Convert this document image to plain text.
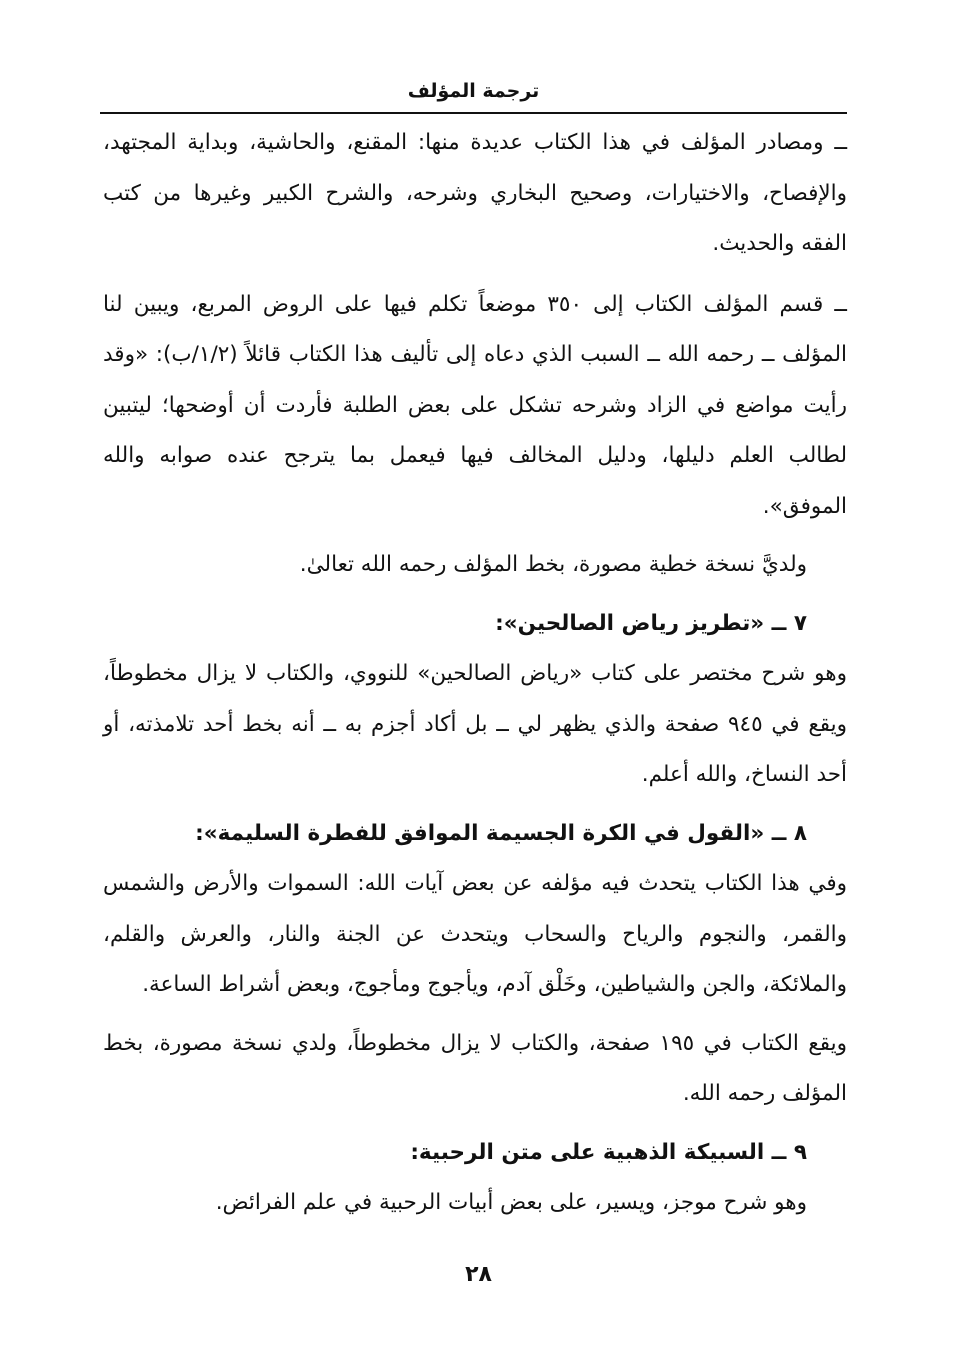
ترجمة المؤلف

ــ ومصادر المؤلف في هذا الكتاب عديدة منها: المقنع، والحاشية، وبداية المجتهد، والإفصاح، والاختيارات، وصحيح البخاري وشرحه، والشرح الكبير وغيرها من كتب الفقه والحديث.

ــ قسم المؤلف الكتاب إلى ٣٥٠ موضعاً تكلم فيها على الروض المربع، ويبين لنا المؤلف ــ رحمه الله ــ السبب الذي دعاه إلى تأليف هذا الكتاب قائلاً (١/٢/ب): «وقد رأيت مواضع في الزاد وشرحه تشكل على بعض الطلبة فأردت أن أوضحها؛ ليتبين لطالب العلم دليلها، ودليل المخالف فيها فيعمل بما يترجح عنده صوابه والله الموفق».

ولديَّ نسخة خطية مصورة، بخط المؤلف رحمه الله تعالىٰ.

٧ ــ «تطريز رياض الصالحين»:

وهو شرح مختصر على كتاب «رياض الصالحين» للنووي، والكتاب لا يزال مخطوطاً، ويقع في ٩٤٥ صفحة والذي يظهر لي ــ بل أكاد أجزم به ــ أنه بخط أحد تلامذته، أو أحد النساخ، والله أعلم.

٨ ــ «القول في الكرة الجسيمة الموافق للفطرة السليمة»:

وفي هذا الكتاب يتحدث فيه مؤلفه عن بعض آيات الله: السموات والأرض والشمس والقمر، والنجوم والرياح والسحاب ويتحدث عن الجنة والنار، والعرش والقلم، والملائكة، والجن والشياطين، وخَلْق آدم، ويأجوج ومأجوج، وبعض أشراط الساعة.

ويقع الكتاب في ١٩٥ صفحة، والكتاب لا يزال مخطوطاً، ولدي نسخة مصورة، بخط المؤلف رحمه الله.

٩ ــ السبيكة الذهبية على متن الرحبية:

وهو شرح موجز، ويسير، على بعض أبيات الرحبية في علم الفرائض.

٢٨
